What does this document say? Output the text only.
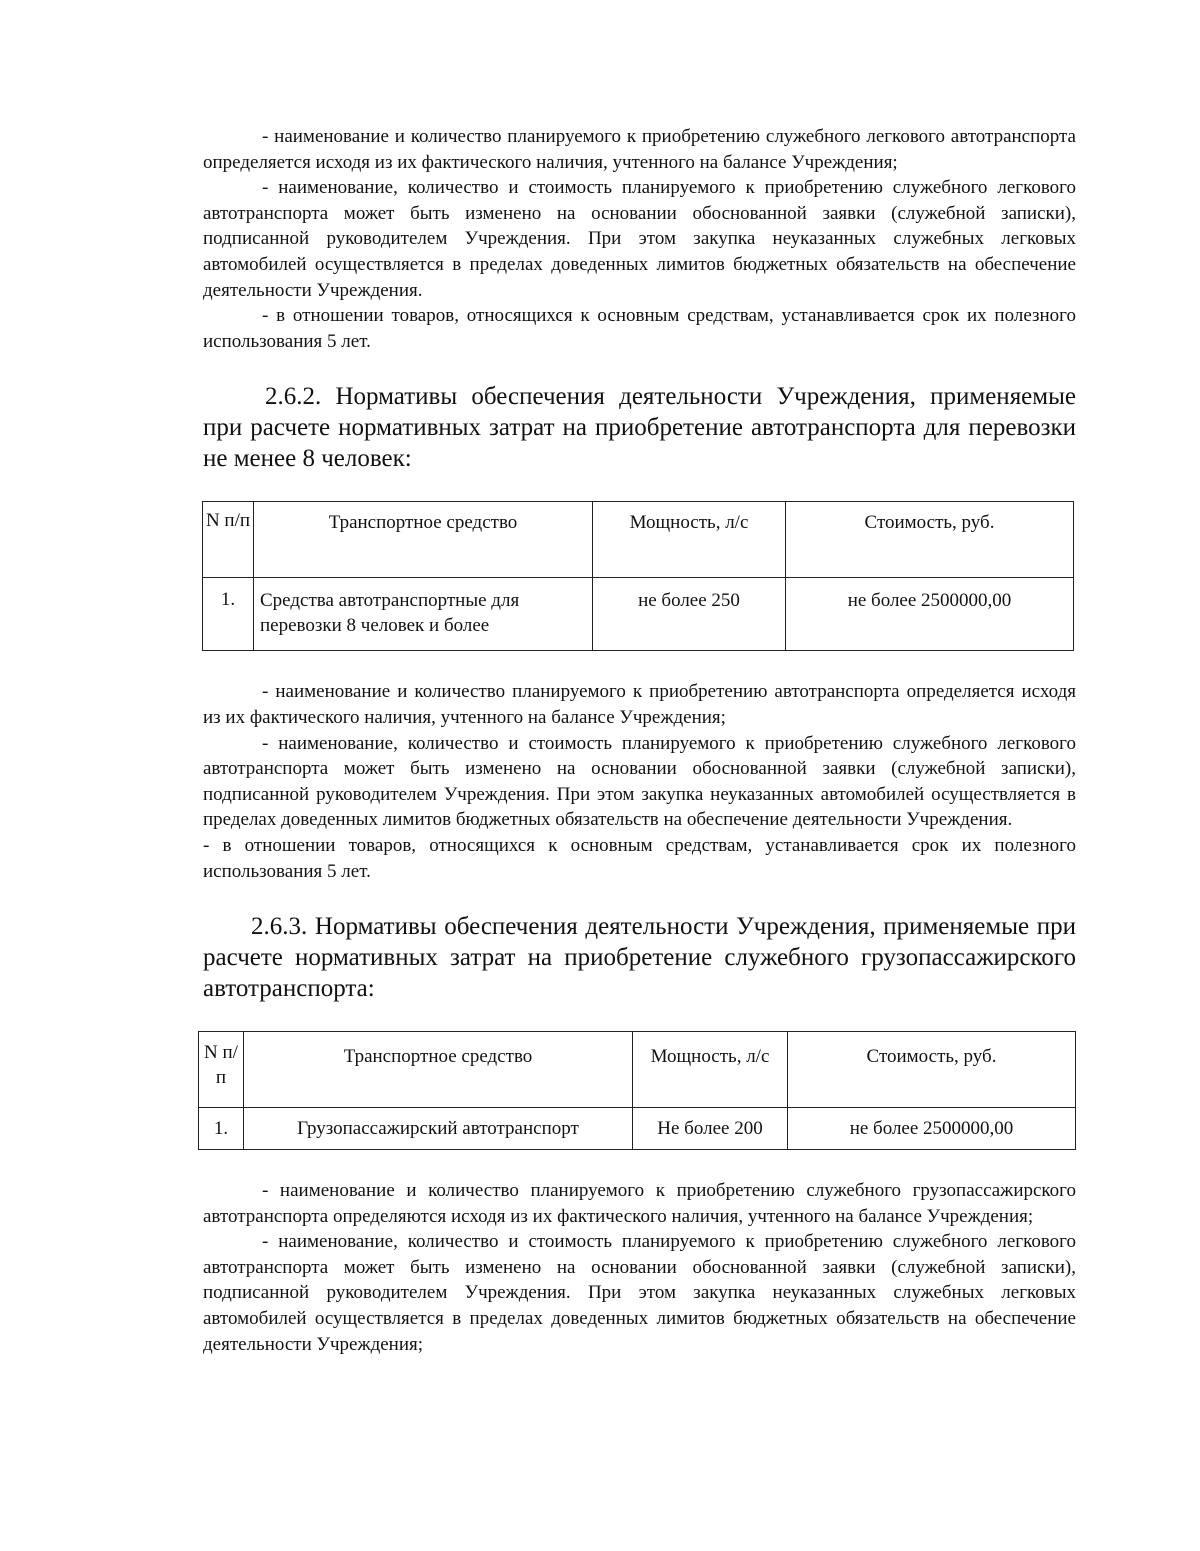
- наименование и количество планируемого к приобретению служебного легкового автотранспорта определяется исходя из их фактического наличия, учтенного на балансе Учреждения;

- наименование, количество и стоимость планируемого к приобретению служебного легкового автотранспорта может быть изменено на основании обоснованной заявки (служебной записки), подписанной руководителем Учреждения. При этом закупка неуказанных служебных легковых автомобилей осуществляется в пределах доведенных лимитов бюджетных обязательств на обеспечение деятельности Учреждения.

- в отношении товаров, относящихся к основным средствам, устанавливается срок их полезного использования 5 лет.

2.6.2. Нормативы обеспечения деятельности Учреждения, применяемые при расчете нормативных затрат на приобретение автотранспорта для перевозки не менее 8 человек:

N п/п	Транспортное средство	Мощность, л/с	Стоимость, руб.
1.	Средства автотранспортные для перевозки 8 человек и более	не более 250	не более 2500000,00

- наименование и количество планируемого к приобретению автотранспорта определяется исходя из их фактического наличия, учтенного на балансе Учреждения;

- наименование, количество и стоимость планируемого к приобретению служебного легкового автотранспорта может быть изменено на основании обоснованной заявки (служебной записки), подписанной руководителем Учреждения. При этом закупка неуказанных автомобилей осуществляется в пределах доведенных лимитов бюджетных обязательств на обеспечение деятельности Учреждения.

- в отношении товаров, относящихся к основным средствам, устанавливается срок их полезного использования 5 лет.

2.6.3. Нормативы обеспечения деятельности Учреждения, применяемые при расчете нормативных затрат на приобретение служебного грузопассажирского автотранспорта:

N п/п	Транспортное средство	Мощность, л/с	Стоимость, руб.
1.	Грузопассажирский автотранспорт	Не более 200	не более 2500000,00

- наименование и количество планируемого к приобретению служебного грузопассажирского автотранспорта определяются исходя из их фактического наличия, учтенного на балансе Учреждения;

- наименование, количество и стоимость планируемого к приобретению служебного легкового автотранспорта может быть изменено на основании обоснованной заявки (служебной записки), подписанной руководителем Учреждения. При этом закупка неуказанных служебных легковых автомобилей осуществляется в пределах доведенных лимитов бюджетных обязательств на обеспечение деятельности Учреждения;
